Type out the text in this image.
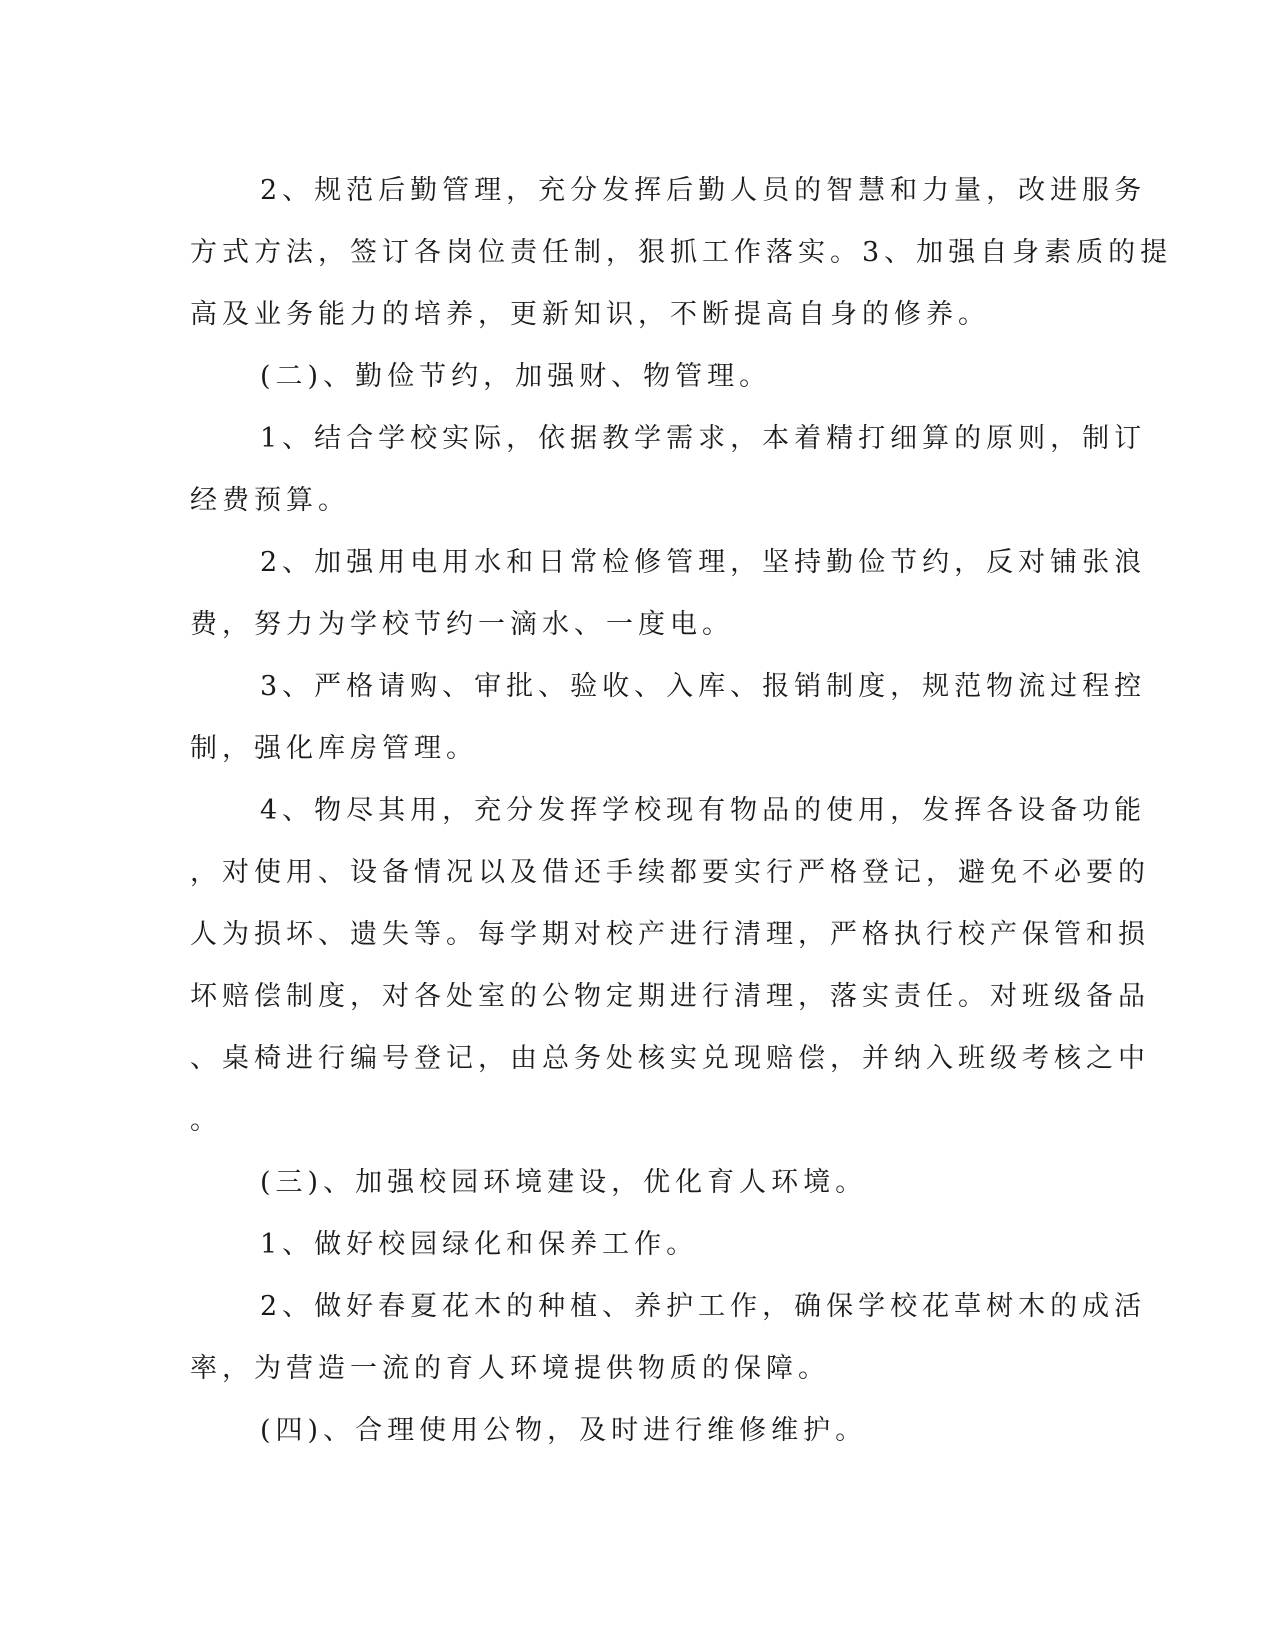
2、规范后勤管理，充分发挥后勤人员的智慧和力量，改进服务

方式方法，签订各岗位责任制，狠抓工作落实。3、加强自身素质的提

高及业务能力的培养，更新知识，不断提高自身的修养。

(二)、勤俭节约，加强财、物管理。

1、结合学校实际，依据教学需求，本着精打细算的原则，制订

经费预算。

2、加强用电用水和日常检修管理，坚持勤俭节约，反对铺张浪

费，努力为学校节约一滴水、一度电。

3、严格请购、审批、验收、入库、报销制度，规范物流过程控

制，强化库房管理。

4、物尽其用，充分发挥学校现有物品的使用，发挥各设备功能

，对使用、设备情况以及借还手续都要实行严格登记，避免不必要的

人为损坏、遗失等。每学期对校产进行清理，严格执行校产保管和损

坏赔偿制度，对各处室的公物定期进行清理，落实责任。对班级备品

、桌椅进行编号登记，由总务处核实兑现赔偿，并纳入班级考核之中

。

(三)、加强校园环境建设，优化育人环境。

1、做好校园绿化和保养工作。

2、做好春夏花木的种植、养护工作，确保学校花草树木的成活

率，为营造一流的育人环境提供物质的保障。

(四)、合理使用公物，及时进行维修维护。
